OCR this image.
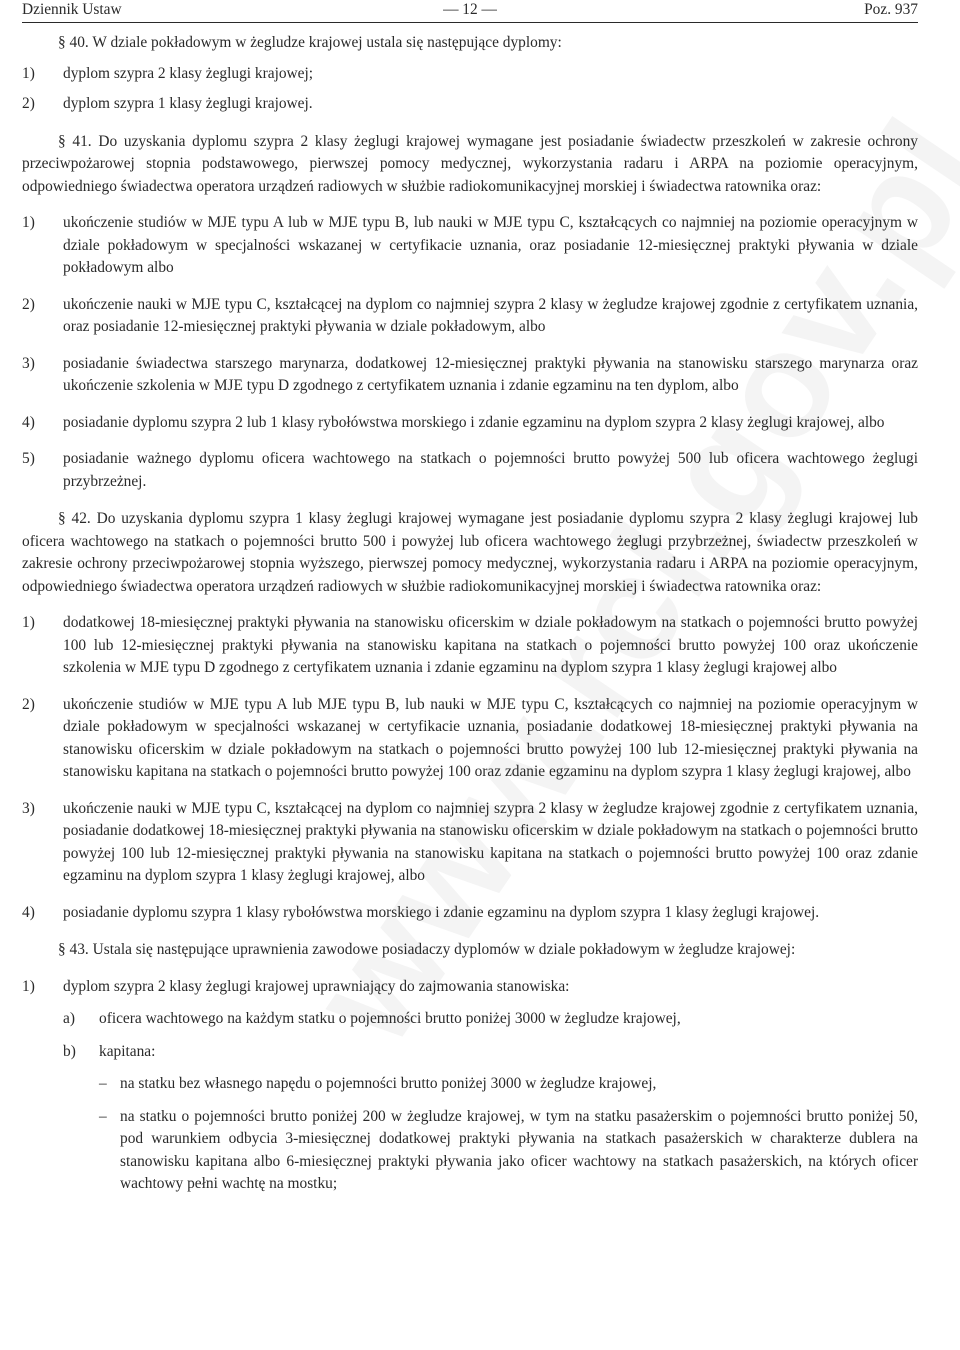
Dziennik Ustaw	— 12 —	Poz. 937

§ 40. W dziale pokładowym w żegludze krajowej ustala się następujące dyplomy:

1) dyplom szypra 2 klasy żeglugi krajowej;
2) dyplom szypra 1 klasy żeglugi krajowej.

§ 41. Do uzyskania dyplomu szypra 2 klasy żeglugi krajowej wymagane jest posiadanie świadectw przeszkoleń w zakresie ochrony przeciwpożarowej stopnia podstawowego, pierwszej pomocy medycznej, wykorzystania radaru i ARPA na poziomie operacyjnym, odpowiedniego świadectwa operatora urządzeń radiowych w służbie radiokomunikacyjnej morskiej i świadectwa ratownika oraz:

1) ukończenie studiów w MJE typu A lub w MJE typu B, lub nauki w MJE typu C, kształcących co najmniej na poziomie operacyjnym w dziale pokładowym w specjalności wskazanej w certyfikacie uznania, oraz posiadanie 12-miesięcznej praktyki pływania w dziale pokładowym albo
2) ukończenie nauki w MJE typu C, kształcącej na dyplom co najmniej szypra 2 klasy w żegludze krajowej zgodnie z certyfikatem uznania, oraz posiadanie 12-miesięcznej praktyki pływania w dziale pokładowym, albo
3) posiadanie świadectwa starszego marynarza, dodatkowej 12-miesięcznej praktyki pływania na stanowisku starszego marynarza oraz ukończenie szkolenia w MJE typu D zgodnego z certyfikatem uznania i zdanie egzaminu na ten dyplom, albo
4) posiadanie dyplomu szypra 2 lub 1 klasy rybołówstwa morskiego i zdanie egzaminu na dyplom szypra 2 klasy żeglugi krajowej, albo
5) posiadanie ważnego dyplomu oficera wachtowego na statkach o pojemności brutto powyżej 500 lub oficera wachtowego żeglugi przybrzeżnej.

§ 42. Do uzyskania dyplomu szypra 1 klasy żeglugi krajowej wymagane jest posiadanie dyplomu szypra 2 klasy żeglugi krajowej lub oficera wachtowego na statkach o pojemności brutto 500 i powyżej lub oficera wachtowego żeglugi przybrzeżnej, świadectw przeszkoleń w zakresie ochrony przeciwpożarowej stopnia wyższego, pierwszej pomocy medycznej, wykorzystania radaru i ARPA na poziomie operacyjnym, odpowiedniego świadectwa operatora urządzeń radiowych w służbie radiokomunikacyjnej morskiej i świadectwa ratownika oraz:

1) dodatkowej 18-miesięcznej praktyki pływania na stanowisku oficerskim w dziale pokładowym na statkach o pojemności brutto powyżej 100 lub 12-miesięcznej praktyki pływania na stanowisku kapitana na statkach o pojemności brutto powyżej 100 oraz ukończenie szkolenia w MJE typu D zgodnego z certyfikatem uznania i zdanie egzaminu na dyplom szypra 1 klasy żeglugi krajowej albo
2) ukończenie studiów w MJE typu A lub MJE typu B, lub nauki w MJE typu C, kształcących co najmniej na poziomie operacyjnym w dziale pokładowym w specjalności wskazanej w certyfikacie uznania, posiadanie dodatkowej 18-miesięcznej praktyki pływania na stanowisku oficerskim w dziale pokładowym na statkach o pojemności brutto powyżej 100 lub 12-miesięcznej praktyki pływania na stanowisku kapitana na statkach o pojemności brutto powyżej 100 oraz zdanie egzaminu na dyplom szypra 1 klasy żeglugi krajowej, albo
3) ukończenie nauki w MJE typu C, kształcącej na dyplom co najmniej szypra 2 klasy w żegludze krajowej zgodnie z certyfikatem uznania, posiadanie dodatkowej 18-miesięcznej praktyki pływania na stanowisku oficerskim w dziale pokładowym na statkach o pojemności brutto powyżej 100 lub 12-miesięcznej praktyki pływania na stanowisku kapitana na statkach o pojemności brutto powyżej 100 oraz zdanie egzaminu na dyplom szypra 1 klasy żeglugi krajowej, albo
4) posiadanie dyplomu szypra 1 klasy rybołówstwa morskiego i zdanie egzaminu na dyplom szypra 1 klasy żeglugi krajowej.

§ 43. Ustala się następujące uprawnienia zawodowe posiadaczy dyplomów w dziale pokładowym w żegludze krajowej:

1) dyplom szypra 2 klasy żeglugi krajowej uprawniający do zajmowania stanowiska:
a) oficera wachtowego na każdym statku o pojemności brutto poniżej 3000 w żegludze krajowej,
b) kapitana:
– na statku bez własnego napędu o pojemności brutto poniżej 3000 w żegludze krajowej,
– na statku o pojemności brutto poniżej 200 w żegludze krajowej, w tym na statku pasażerskim o pojemności brutto poniżej 50, pod warunkiem odbycia 3-miesięcznej dodatkowej praktyki pływania na statkach pasażerskich w charakterze dublera na stanowisku kapitana albo 6-miesięcznej praktyki pływania jako oficer wachtowy na statkach pasażerskich, na których oficer wachtowy pełni wachtę na mostku;
